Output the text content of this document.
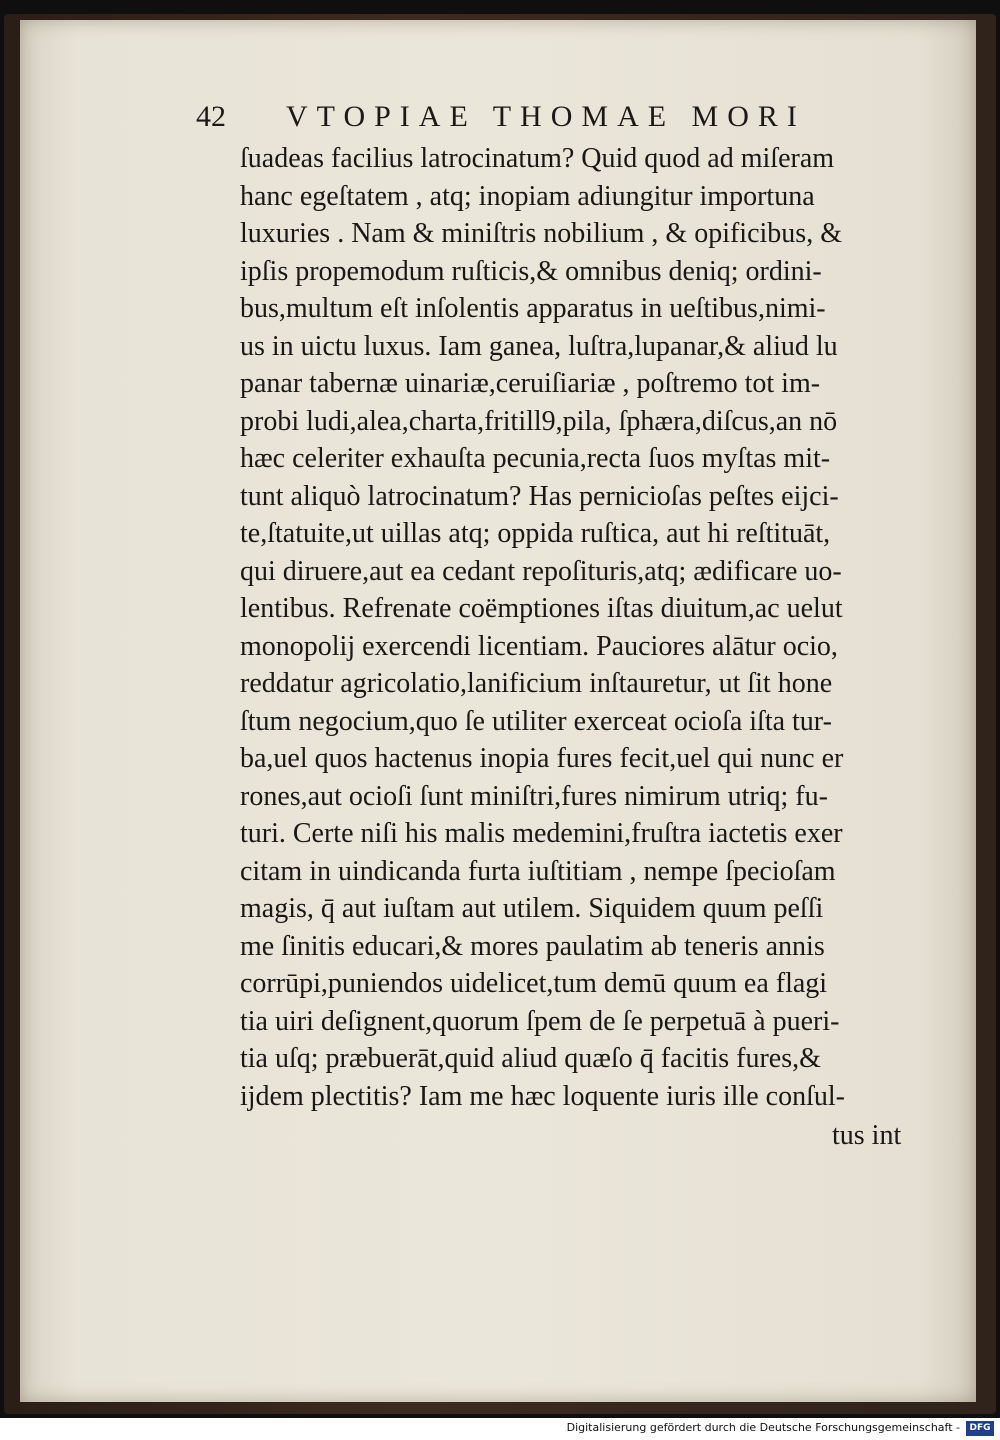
42 VTOPIAE THOMAE MORI
ſuadeas facilius latrocinatum? Quid quod ad miſeram
hanc egeſtatem , atq; inopiam adiungitur importuna
luxuries . Nam & miniſtris nobilium , & opificibus, &
ipſis propemodum ruſticis,& omnibus deniq; ordini-
bus,multum eſt inſolentis apparatus in ueſtibus,nimi-
us in uictu luxus. Iam ganea, luſtra,lupanar,& aliud lu
panar tabernæ uinariæ,ceruiſiariæ , poſtremo tot im-
probi ludi,alea,charta,fritill9,pila, ſphæra,diſcus,an nō
hæc celeriter exhauſta pecunia,recta ſuos myſtas mit-
tunt aliquò latrocinatum? Has pernicioſas peſtes eijci-
te,ſtatuite,ut uillas atq; oppida ruſtica, aut hi reſtituāt,
qui diruere,aut ea cedant repoſituris,atq; ædificare uo-
lentibus. Refrenate coëmptiones iſtas diuitum,ac uelut
monopolij exercendi licentiam. Pauciores alātur ocio,
reddatur agricolatio,lanificium inſtauretur, ut ſit hone
ſtum negocium,quo ſe utiliter exerceat ocioſa iſta tur-
ba,uel quos hactenus inopia fures fecit,uel qui nunc er
rones,aut ocioſi ſunt miniſtri,fures nimirum utriq; fu-
turi. Certe niſi his malis medemini,fruſtra iactetis exer
citam in uindicanda furta iuſtitiam , nempe ſpecioſam
magis, q̄ aut iuſtam aut utilem. Siquidem quum peſſi
me ſinitis educari,& mores paulatim ab teneris annis
corrūpi,puniendos uidelicet,tum demū quum ea flagi
tia uiri deſignent,quorum ſpem de ſe perpetuā à pueri-
tia uſq; præbuerāt,quid aliud quæſo q̄ facitis fures,&
ijdem plectitis? Iam me hæc loquente iuris ille conſul-
tus int
Digitalisierung gefördert durch die Deutsche Forschungsgemeinschaft -	DFG
